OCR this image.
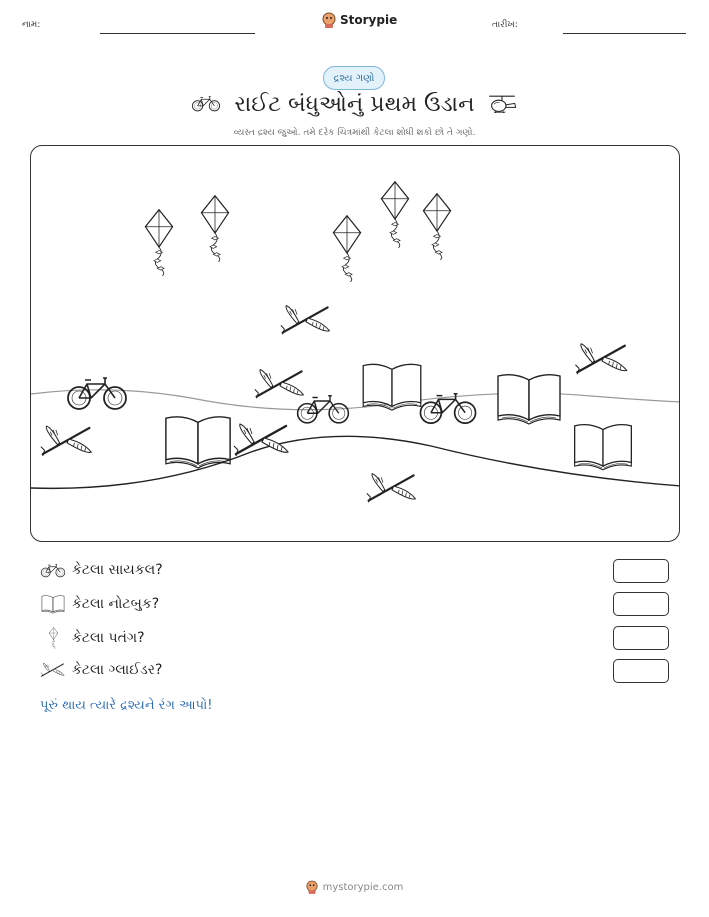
નામ:	Storypie	તારીખ:
દ્રશ્ય ગણો
રાઈટ બંધુઓનું પ્રથમ ઉડાન
વ્યસ્ત દ્રશ્ય જુઓ. તમે દરેક ચિત્રમાંથી કેટલા શોધી શકો છો તે ગણો.
કેટલા સાયકલ?
કેટલા નોટબુક?
કેટલા પતંગ?
કેટલા ગ્લાઈડર?
પૂરું થાય ત્યારે દ્રશ્યને રંગ આપો!
mystorypie.com
